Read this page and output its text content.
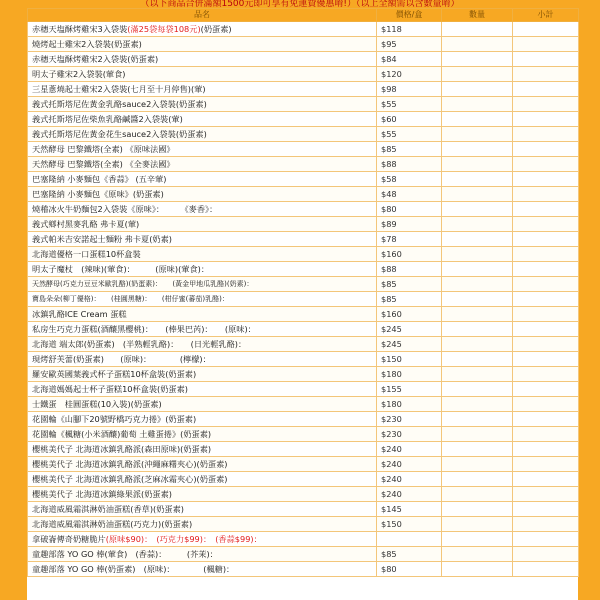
（以下商品合併滿額1500元即可享有免運費優惠唷!）（以上全額需以含數量唷）
品名	價格/盒	數量	小計
赤穗天塩酥烤雞宋3入袋裝(滿25袋每袋108元)(奶蛋素)	$118		
燒烤起士雞宋2入袋裝(奶蛋素)	$95		
赤穗天塩酥烤雞宋2入袋裝(奶蛋素)	$84		
明太子雞宋2入袋裝(葷食)	$120		
三星蔥燒起士雞宋2入袋裝(七月至十月停售)(葷)	$98		
義式托斯塔尼佐黃金乳酪sauce2入袋裝(奶蛋素)	$55		
義式托斯塔尼佐柴魚乳酪鹹醬2入袋裝(葷)	$60		
義式托斯塔尼佐黃金花生sauce2入袋裝(奶蛋素)	$55		
天然酵母 巴黎鐵塔(全素) 《原味法國》	$85		
天然酵母 巴黎鐵塔(全素) 《全麥法國》	$88		
巴塞隆納 小麥麵包《香蒜》 (五辛葷)	$58		
巴塞隆納 小麥麵包《原味》(奶蛋素)	$48		
燒稽冰火牛奶麵包2入袋裝《原味》：　　　《麥香》：	$80		
義式鄉村黑麥乳酪 弗卡夏(葷)	$89		
義式帕米吉安諾起士麵粉 弗卡夏(奶素)	$78		
北海道優格一口蛋糕10杯盒裝	$160		
明太子魔杖　(辣味)(葷食)：　　　(原味)(葷食)：	$88		
天然酵母(巧克力豆豆米歐乳酪)(奶蛋素)：　　(黃金甲地瓜乳酪)(奶素)：	$85		
寶島朵朵(柳丁優格)：　　(桂圓黑糖)：　　(柑仔蜜(蕃茄)乳酪)：	$85		
冰鎮乳酪ICE Cream 蛋糕	$160		
私房生巧克力蛋糕(酒釀黑櫻桃)：　　(棒果巴芮)：　　(原味)：	$245		
北海道 端太郎(奶蛋素)　(半熟輕乳酪)：　　(日光輕乳酪)：	$245		
現烤舒芙蕾(奶蛋素)　　(原味)：　　　　(檸檬)：	$150		
羅安歐英國葉義式杯子蛋糕10杯盒裝(奶蛋素)	$180		
北海道媽媽起士杯子蛋糕10杯盒裝(奶蛋素)	$155		
士鐵蛋　桂圓蛋糕(10入裝)(奶蛋素)	$180		
花園輪《山腳下20號野橋巧克力捲》(奶蛋素)	$230		
花園輪《楓糖(小米酒釀)葡萄 土雞蛋捲》(奶蛋素)	$230		
櫻桃美代子 北海道冰鎮乳酪派(森田原味)(奶蛋素)	$240		
櫻桃美代子 北海道冰鎮乳酪派(沖繩麻糬夾心)(奶蛋素)	$240		
櫻桃美代子 北海道冰鎮乳酪派(芝麻冰霜夾心)(奶蛋素)	$240		
櫻桃美代子 北海道冰鎮綠果派(奶蛋素)	$240		
北海道威風霜淇淋奶油蛋糕(香草)(奶蛋素)	$145		
北海道威風霜淇淋奶油蛋糕(巧克力)(奶蛋素)	$150		
拿破崙傳奇奶糖脆片(原味$90)：　(巧克力$99)：　(香蒜$99)：			
童趣部落 YO GO 棒(葷食)　(香蒜)：　　　(芥茉)：	$85		
童趣部落 YO GO 棒(奶蛋素)　(原味)：　　　　(楓糖)：	$80		
